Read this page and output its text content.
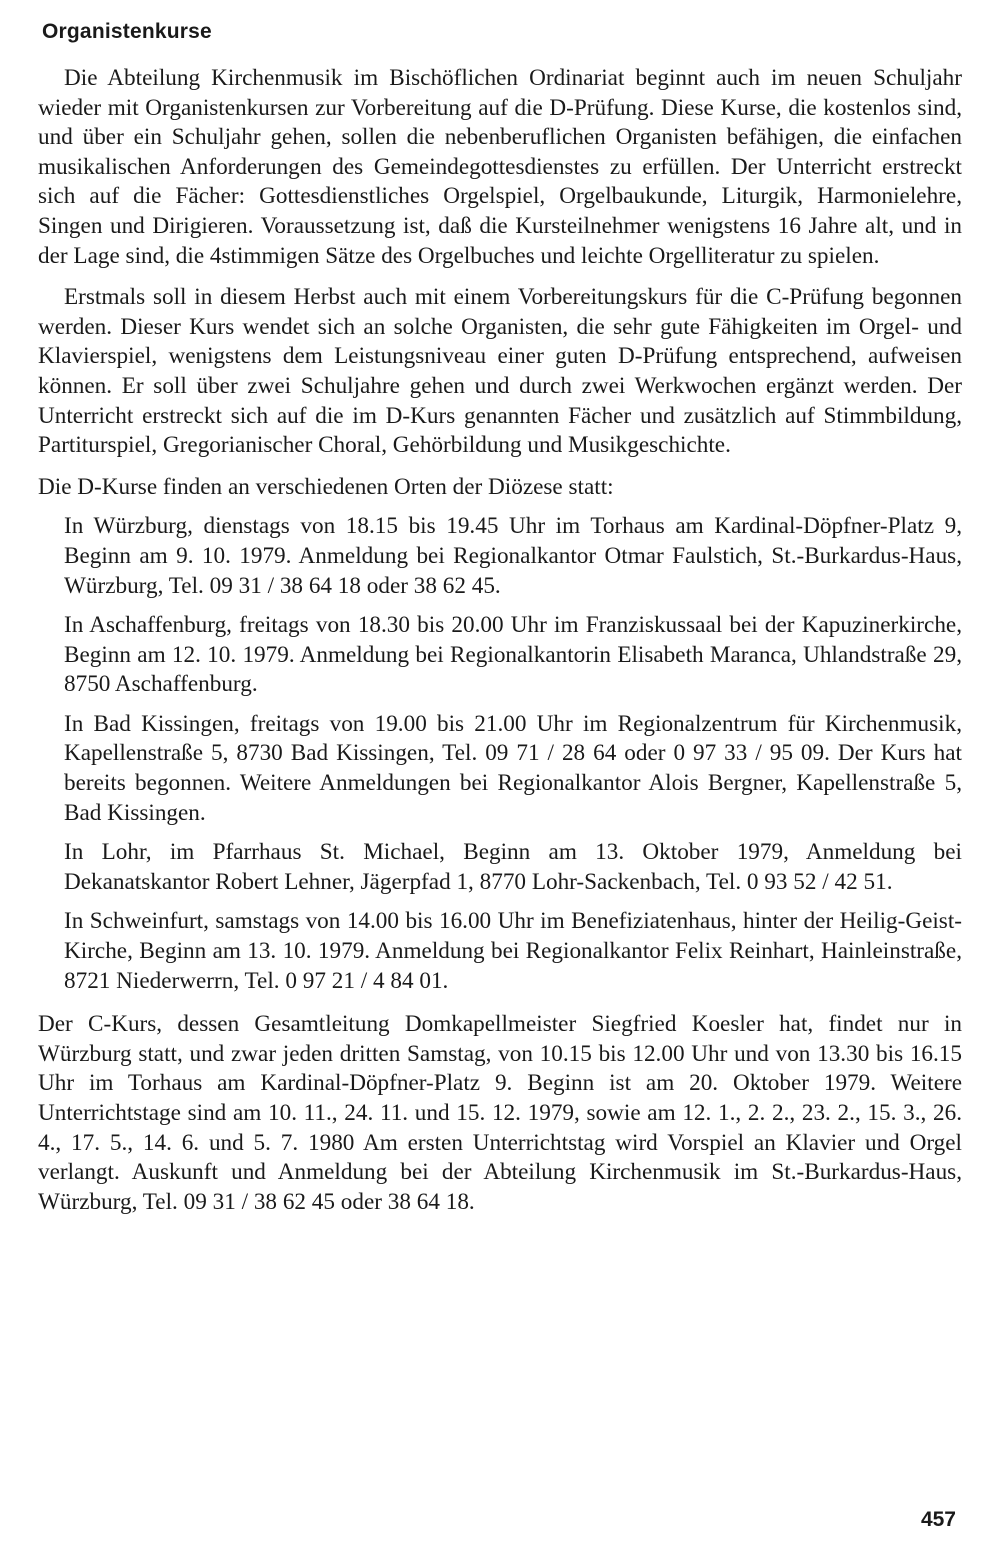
Organistenkurse

Die Abteilung Kirchenmusik im Bischöflichen Ordinariat beginnt auch im neuen Schuljahr wieder mit Organistenkursen zur Vorbereitung auf die D-Prüfung. Diese Kurse, die kostenlos sind, und über ein Schuljahr gehen, sollen die nebenberuflichen Organisten befähigen, die einfachen musikalischen Anforderungen des Gemeindegottesdienstes zu erfüllen. Der Unterricht erstreckt sich auf die Fächer: Gottesdienstliches Orgelspiel, Orgelbaukunde, Liturgik, Harmonielehre, Singen und Dirigieren. Voraussetzung ist, daß die Kursteilnehmer wenigstens 16 Jahre alt, und in der Lage sind, die 4stimmigen Sätze des Orgelbuches und leichte Orgelliteratur zu spielen.

Erstmals soll in diesem Herbst auch mit einem Vorbereitungskurs für die C-Prüfung begonnen werden. Dieser Kurs wendet sich an solche Organisten, die sehr gute Fähigkeiten im Orgel- und Klavierspiel, wenigstens dem Leistungsniveau einer guten D-Prüfung entsprechend, aufweisen können. Er soll über zwei Schuljahre gehen und durch zwei Werkwochen ergänzt werden. Der Unterricht erstreckt sich auf die im D-Kurs genannten Fächer und zusätzlich auf Stimmbildung, Partiturspiel, Gregorianischer Choral, Gehörbildung und Musikgeschichte.

Die D-Kurse finden an verschiedenen Orten der Diözese statt:

In Würzburg, dienstags von 18.15 bis 19.45 Uhr im Torhaus am Kardinal-Döpfner-Platz 9, Beginn am 9. 10. 1979. Anmeldung bei Regionalkantor Otmar Faulstich, St.-Burkardus-Haus, Würzburg, Tel. 09 31 / 38 64 18 oder 38 62 45.

In Aschaffenburg, freitags von 18.30 bis 20.00 Uhr im Franziskussaal bei der Kapuzinerkirche, Beginn am 12. 10. 1979. Anmeldung bei Regionalkantorin Elisabeth Maranca, Uhlandstraße 29, 8750 Aschaffenburg.

In Bad Kissingen, freitags von 19.00 bis 21.00 Uhr im Regionalzentrum für Kirchenmusik, Kapellenstraße 5, 8730 Bad Kissingen, Tel. 09 71 / 28 64 oder 0 97 33 / 95 09. Der Kurs hat bereits begonnen. Weitere Anmeldungen bei Regionalkantor Alois Bergner, Kapellenstraße 5, Bad Kissingen.

In Lohr, im Pfarrhaus St. Michael, Beginn am 13. Oktober 1979, Anmeldung bei Dekanatskantor Robert Lehner, Jägerpfad 1, 8770 Lohr-Sackenbach, Tel. 0 93 52 / 42 51.

In Schweinfurt, samstags von 14.00 bis 16.00 Uhr im Benefiziatenhaus, hinter der Heilig-Geist-Kirche, Beginn am 13. 10. 1979. Anmeldung bei Regionalkantor Felix Reinhart, Hainleinstraße, 8721 Niederwerrn, Tel. 0 97 21 / 4 84 01.

Der C-Kurs, dessen Gesamtleitung Domkapellmeister Siegfried Koesler hat, findet nur in Würzburg statt, und zwar jeden dritten Samstag, von 10.15 bis 12.00 Uhr und von 13.30 bis 16.15 Uhr im Torhaus am Kardinal-Döpfner-Platz 9. Beginn ist am 20. Oktober 1979. Weitere Unterrichtstage sind am 10. 11., 24. 11. und 15. 12. 1979, sowie am 12. 1., 2. 2., 23. 2., 15. 3., 26. 4., 17. 5., 14. 6. und 5. 7. 1980 Am ersten Unterrichtstag wird Vorspiel an Klavier und Orgel verlangt. Auskunft und Anmeldung bei der Abteilung Kirchenmusik im St.-Burkardus-Haus, Würzburg, Tel. 09 31 / 38 62 45 oder 38 64 18.

457
